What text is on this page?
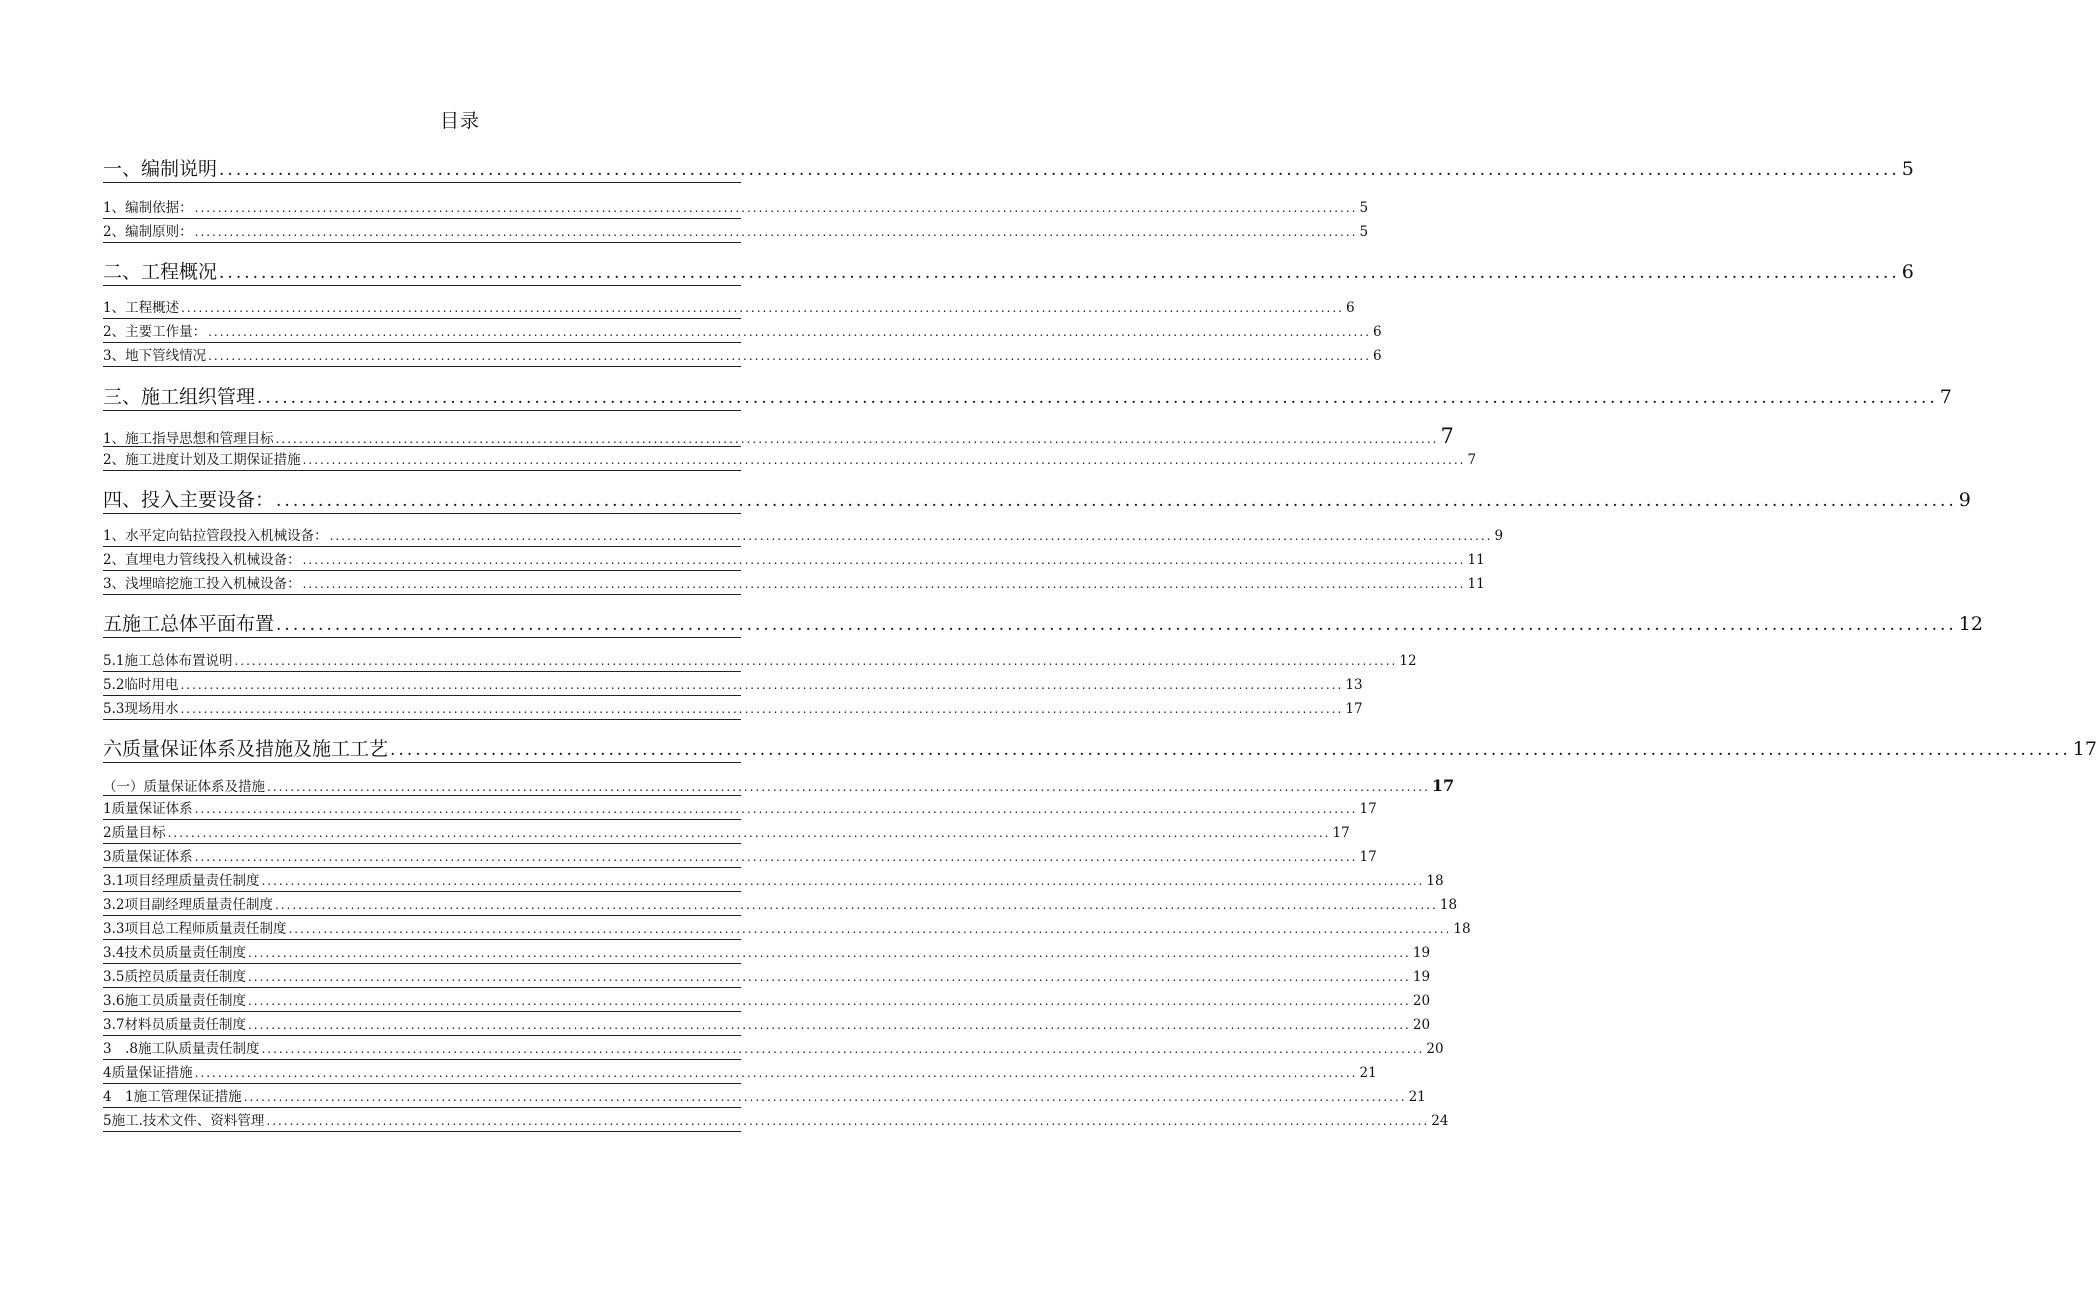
目录
一、编制说明 ........................................................................................................................................................................................................ 5
1、编制依据： ........................................................................................................................................................................................................ 5
2、编制原则： ........................................................................................................................................................................................................ 5
二、工程概况 ........................................................................................................................................................................................................ 6
1、工程概述 ........................................................................................................................................................................................................ 6
2、主要工作量： ........................................................................................................................................................................................................ 6
3、地下管线情况 ........................................................................................................................................................................................................ 6
三、施工组织管理 ........................................................................................................................................................................................................ 7
1、施工指导思想和管理目标 ........................................................................................................................................................................................................ 7
2、施工进度计划及工期保证措施 ........................................................................................................................................................................................................ 7
四、投入主要设备： ........................................................................................................................................................................................................ 9
1、水平定向钻拉管段投入机械设备： ........................................................................................................................................................................................................ 9
2、直埋电力管线投入机械设备： ........................................................................................................................................................................................................ 11
3、浅埋暗挖施工投入机械设备： ........................................................................................................................................................................................................ 11
五施工总体平面布置 ........................................................................................................................................................................................................ 12
5.1施工总体布置说明 ........................................................................................................................................................................................................ 12
5.2临时用电 ........................................................................................................................................................................................................ 13
5.3现场用水 ........................................................................................................................................................................................................ 17
六质量保证体系及措施及施工工艺 ........................................................................................................................................................................................................ 17
（一）质量保证体系及措施 ........................................................................................................................................................................................................ 17
1质量保证体系 ........................................................................................................................................................................................................ 17
2质量目标 ........................................................................................................................................................................................................ 17
3质量保证体系 ........................................................................................................................................................................................................ 17
3.1项目经理质量责任制度 ........................................................................................................................................................................................................ 18
3.2项目副经理质量责任制度 ........................................................................................................................................................................................................ 18
3.3项目总工程师质量责任制度 ........................................................................................................................................................................................................ 18
3.4技术员质量责任制度 ........................................................................................................................................................................................................ 19
3.5质控员质量责任制度 ........................................................................................................................................................................................................ 19
3.6施工员质量责任制度 ........................................................................................................................................................................................................ 20
3.7材料员质量责任制度 ........................................................................................................................................................................................................ 20
3　.8施工队质量责任制度 ........................................................................................................................................................................................................ 20
4质量保证措施 ........................................................................................................................................................................................................ 21
4　1施工管理保证措施 ........................................................................................................................................................................................................ 21
5施工.技术文件、资料管理 ........................................................................................................................................................................................................ 24
